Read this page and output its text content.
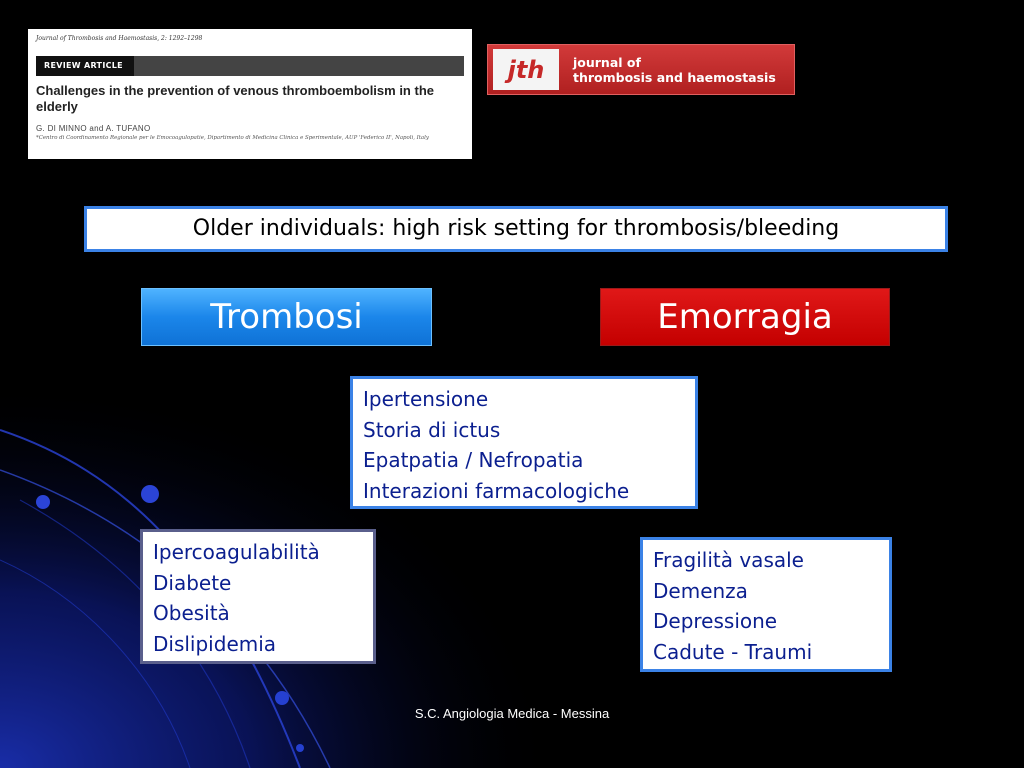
Journal of Thrombosis and Haemostasis, 2: 1292–1298
REVIEW ARTICLE
Challenges in the prevention of venous thromboembolism in the elderly
G. DI MINNO and A. TUFANO
*Centro di Coordinamento Regionale per le Emocoagulopatie, Dipartimento di Medicina Clinica e Sperimentale, AUP 'Federico II', Napoli, Italy
jth	journal of
thrombosis and haemostasis
Older individuals: high risk setting for thrombosis/bleeding
Trombosi	Emorragia
Ipertensione
Storia di ictus
Epatpatia / Nefropatia
Interazioni farmacologiche
Ipercoagulabilità
Diabete
Obesità
Dislipidemia
Fragilità vasale
Demenza
Depressione
Cadute - Traumi
S.C. Angiologia Medica - Messina
